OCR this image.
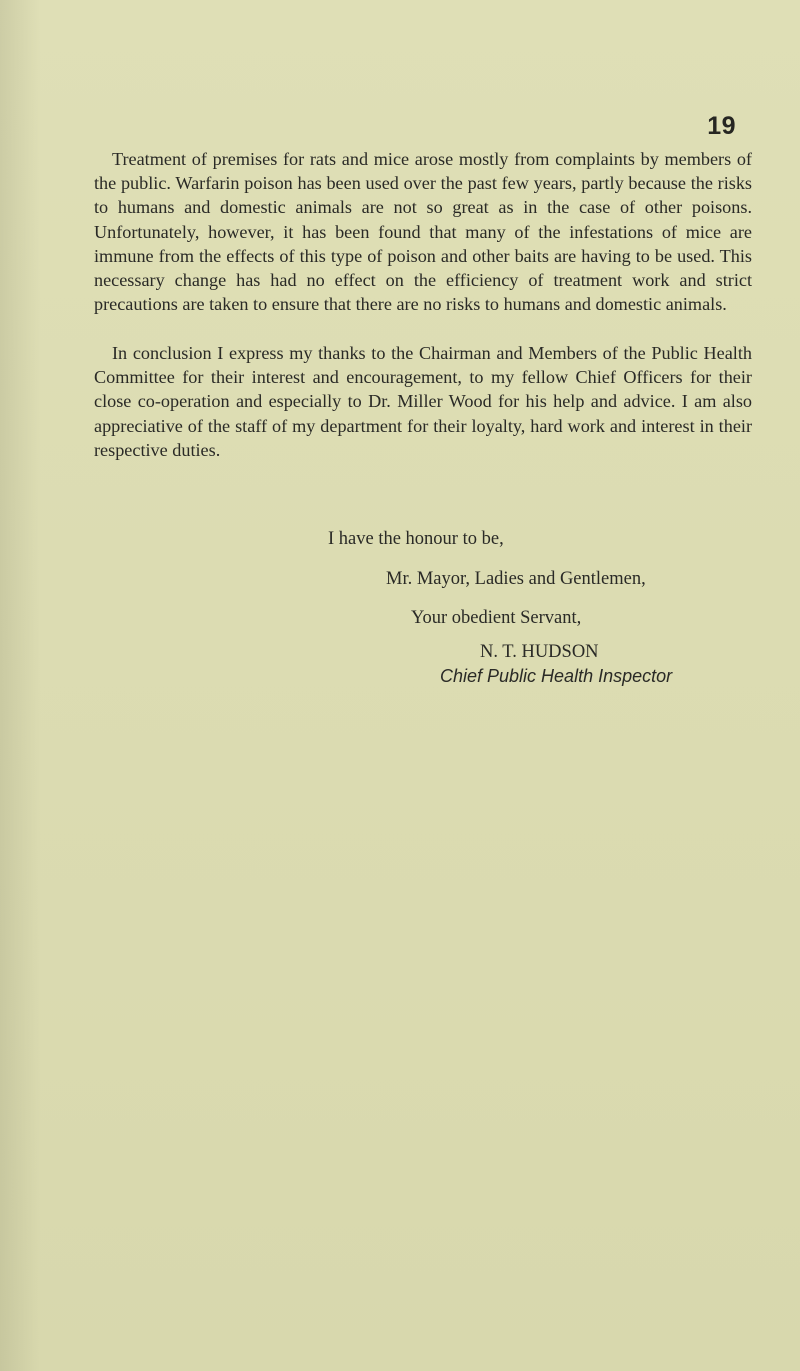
19

Treatment of premises for rats and mice arose mostly from complaints by members of the public. Warfarin poison has been used over the past few years, partly because the risks to humans and domestic animals are not so great as in the case of other poisons. Unfortunately, however, it has been found that many of the infestations of mice are immune from the effects of this type of poison and other baits are having to be used. This necessary change has had no effect on the efficiency of treatment work and strict precautions are taken to ensure that there are no risks to humans and domestic animals.

In conclusion I express my thanks to the Chairman and Members of the Public Health Committee for their interest and encouragement, to my fellow Chief Officers for their close co-operation and especially to Dr. Miller Wood for his help and advice. I am also appreciative of the staff of my department for their loyalty, hard work and interest in their respective duties.

I have the honour to be,
Mr. Mayor, Ladies and Gentlemen,
Your obedient Servant,
N. T. HUDSON
Chief Public Health Inspector
